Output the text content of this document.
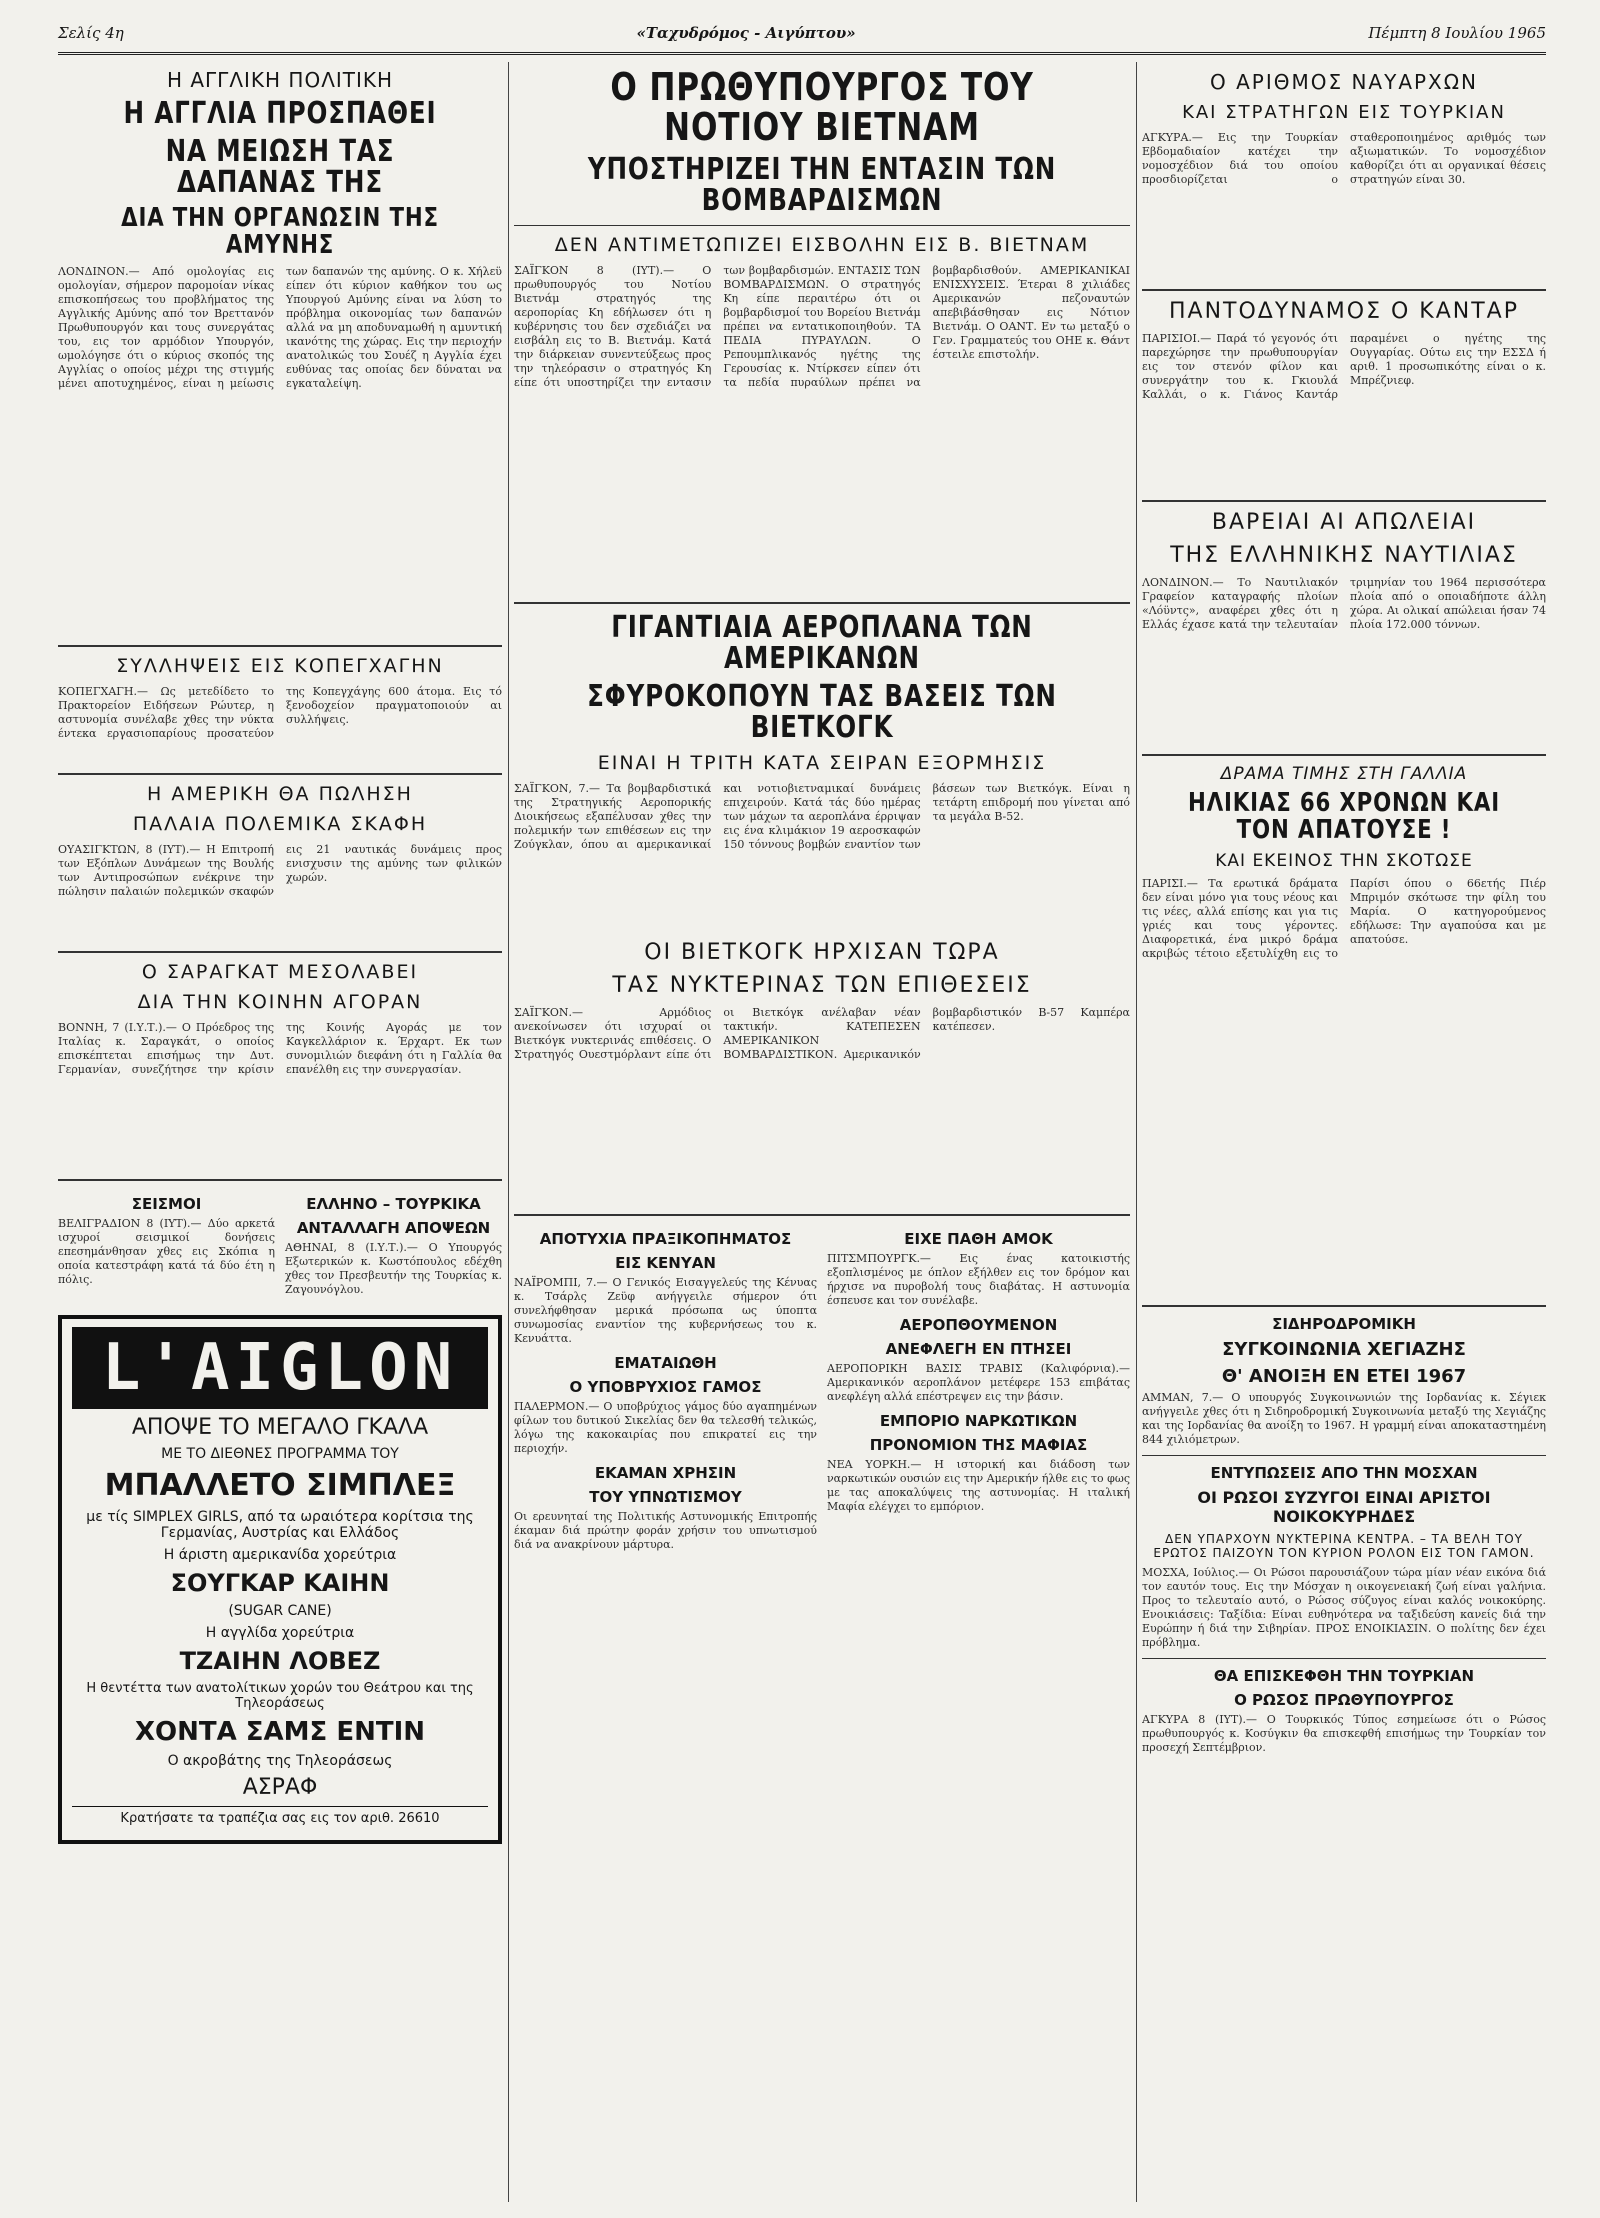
Σελίς 4η	«Ταχυδρόμος - Αιγύπτου»	Πέμπτη 8 Ιουλίου 1965
Η ΑΓΓΛΙΚΗ ΠΟΛΙΤΙΚΗ
Η ΑΓΓΛΙΑ ΠΡΟΣΠΑΘΕΙ
ΝΑ ΜΕΙΩΣΗ ΤΑΣ ΔΑΠΑΝΑΣ ΤΗΣ
ΔΙΑ ΤΗΝ ΟΡΓΑΝΩΣΙΝ ΤΗΣ ΑΜΥΝΗΣ
ΛΟΝΔΙΝΟΝ.— Από ομολογίας εις ομολογίαν, σήμερον παρομοίαν νίκας επισκοπήσεως του προβλήματος της Αγγλικής Αμύνης από τον Βρεττανόν Πρωθυπουργόν και τους συνεργάτας του, εις τον αρμόδιον Υπουργόν, ωμολόγησε ότι ο κύριος σκοπός της Αγγλίας ο οποίος μέχρι της στιγμής μένει αποτυχημένος, είναι η μείωσις των δαπανών της αμύνης. Ο κ. Χήλεϋ είπεν ότι κύριον καθήκον του ως Υπουργού Αμύνης είναι να λύση το πρόβλημα οικονομίας των δαπανών αλλά να μη αποδυναμωθή η αμυντική ικανότης της χώρας. Εις την περιοχήν ανατολικώς του Σουέζ η Αγγλία έχει ευθύνας τας οποίας δεν δύναται να εγκαταλείψη.
ΣΥΛΛΗΨΕΙΣ ΕΙΣ ΚΟΠΕΓΧΑΓΗΝ
ΚΟΠΕΓΧΑΓΗ.— Ως μετεδίδετο το Πρακτορείον Ειδήσεων Ρώυτερ, η αστυνομία συνέλαβε χθες την νύκτα έντεκα εργασιοπαρίους προσατεύον της Κοπεγχάγης 600 άτομα. Εις τό ξενοδοχείον πραγματοποιούν αι συλλήψεις.
Η ΑΜΕΡΙΚΗ ΘΑ ΠΩΛΗΣΗ
ΠΑΛΑΙΑ ΠΟΛΕΜΙΚΑ ΣΚΑΦΗ
ΟΥΑΣΙΓΚΤΩΝ, 8 (ΙΥΤ).— Η Επιτροπή των Εξόπλων Δυνάμεων της Βουλής των Αντιπροσώπων ενέκρινε την πώλησιν παλαιών πολεμικών σκαφών εις 21 ναυτικάς δυνάμεις προς ενισχυσιν της αμύνης των φιλικών χωρών.
Ο ΣΑΡΑΓΚΑΤ ΜΕΣΟΛΑΒΕΙ
ΔΙΑ ΤΗΝ ΚΟΙΝΗΝ ΑΓΟΡΑΝ
ΒΟΝΝΗ, 7 (Ι.Υ.Τ.).— Ο Πρόεδρος της Ιταλίας κ. Σαραγκάτ, ο οποίος επισκέπτεται επισήμως την Δυτ. Γερμανίαν, συνεζήτησε την κρίσιν της Κοινής Αγοράς με τον Καγκελλάριον κ. Έρχαρτ. Εκ των συνομιλιών διεφάνη ότι η Γαλλία θα επανέλθη εις την συνεργασίαν.
ΣΕΙΣΜΟΙ
ΒΕΛΙΓΡΑΔΙΟΝ 8 (ΙΥΤ).— Δύο αρκετά ισχυροί σεισμικοί δονήσεις επεσημάνθησαν χθες εις Σκόπια η οποία κατεστράφη κατά τά δύο έτη η πόλις.
ΕΛΛΗΝΟ – ΤΟΥΡΚΙΚΑ
ΑΝΤΑΛΛΑΓΗ ΑΠΟΨΕΩΝ
ΑΘΗΝΑΙ, 8 (Ι.Υ.Τ.).— Ο Υπουργός Εξωτερικών κ. Κωστόπουλος εδέχθη χθες τον Πρεσβευτήν της Τουρκίας κ. Ζαγουνόγλου.
L'AIGLON
ΑΠΟΨΕ ΤΟ ΜΕΓΑΛΟ ΓΚΑΛΑ
ΜΕ ΤΟ ΔΙΕΘΝΕΣ ΠΡΟΓΡΑΜΜΑ ΤΟΥ
ΜΠΑΛΛΕΤΟ ΣΙΜΠΛΕΞ
με τίς SIMPLEX GIRLS, από τα ωραιότερα κορίτσια της Γερμανίας, Αυστρίας και Ελλάδος
Η άριστη αμερικανίδα χορεύτρια
ΣΟΥΓΚΑΡ ΚΑΙΗΝ
(SUGAR CANE)
Η αγγλίδα χορεύτρια
ΤΖΑΙΗΝ ΛΟΒΕΖ
Η θεντέττα των ανατολίτικων χορών του Θεάτρου και της Τηλεοράσεως
ΧΟΝΤΑ ΣΑΜΣ ΕΝΤΙΝ
Ο ακροβάτης της Τηλεοράσεως
ΑΣΡΑΦ
Κρατήσατε τα τραπέζια σας εις τον αριθ. 26610
Ο ΠΡΩΘΥΠΟΥΡΓΟΣ ΤΟΥ ΝΟΤΙΟΥ ΒΙΕΤΝΑΜ
ΥΠΟΣΤΗΡΙΖΕΙ ΤΗΝ ΕΝΤΑΣΙΝ ΤΩΝ ΒΟΜΒΑΡΔΙΣΜΩΝ
ΔΕΝ ΑΝΤΙΜΕΤΩΠΙΖΕΙ ΕΙΣΒΟΛΗΝ ΕΙΣ Β. ΒΙΕΤΝΑΜ
ΣΑΪΓΚΟΝ 8 (ΙΥΤ).— Ο πρωθυπουργός του Νοτίου Βιετνάμ στρατηγός της αεροπορίας Κη εδήλωσεν ότι η κυβέρνησις του δεν σχεδιάζει να εισβάλη εις το Β. Βιετνάμ. Κατά την διάρκειαν συνεντεύξεως προς την τηλεόρασιν ο στρατηγός Κη είπε ότι υποστηρίζει την εντασιν των βομβαρδισμών. ΕΝΤΑΣΙΣ ΤΩΝ ΒΟΜΒΑΡΔΙΣΜΩΝ. Ο στρατηγός Κη είπε περαιτέρω ότι οι βομβαρδισμοί του Βορείου Βιετνάμ πρέπει να εντατικοποιηθούν. ΤΑ ΠΕΔΙΑ ΠΥΡΑΥΛΩΝ. Ο Ρεπουμπλικανός ηγέτης της Γερουσίας κ. Ντίρκσεν είπεν ότι τα πεδία πυραύλων πρέπει να βομβαρδισθούν. ΑΜΕΡΙΚΑΝΙΚΑΙ ΕΝΙΣΧΥΣΕΙΣ. Έτεραι 8 χιλιάδες Αμερικανών πεζοναυτών απεβιβάσθησαν εις Νότιον Βιετνάμ. Ο ΟΑΝΤ. Εν τω μεταξύ ο Γεν. Γραμματεύς του ΟΗΕ κ. Θάντ έστειλε επιστολήν.
ΓΙΓΑΝΤΙΑΙΑ ΑΕΡΟΠΛΑΝΑ ΤΩΝ ΑΜΕΡΙΚΑΝΩΝ
ΣΦΥΡΟΚΟΠΟΥΝ ΤΑΣ ΒΑΣΕΙΣ ΤΩΝ ΒΙΕΤΚΟΓΚ
ΕΙΝΑΙ Η ΤΡΙΤΗ ΚΑΤΑ ΣΕΙΡΑΝ ΕΞΟΡΜΗΣΙΣ
ΣΑΪΓΚΟΝ, 7.— Τα βομβαρδιστικά της Στρατηγικής Αεροπορικής Διοικήσεως εξαπέλυσαν χθες την πολεμικήν των επιθέσεων εις την Ζούγκλαν, όπου αι αμερικανικαί και νοτιοβιετναμικαί δυνάμεις επιχειρούν. Κατά τάς δύο ημέρας των μάχων τα αεροπλάνα έρριψαν εις ένα κλιμάκιον 19 αεροσκαφών 150 τόννους βομβών εναντίον των βάσεων των Βιετκόγκ. Είναι η τετάρτη επιδρομή που γίνεται από τα μεγάλα Β-52.
ΟΙ ΒΙΕΤΚΟΓΚ ΗΡΧΙΣΑΝ ΤΩΡΑ
ΤΑΣ ΝΥΚΤΕΡΙΝΑΣ ΤΩΝ ΕΠΙΘΕΣΕΙΣ
ΣΑΪΓΚΟΝ.— Αρμόδιος ανεκοίνωσεν ότι ισχυραί οι Βιετκόγκ νυκτερινάς επιθέσεις. Ο Στρατηγός Ουεστμόρλαντ είπε ότι οι Βιετκόγκ ανέλαβαν νέαν τακτικήν. ΚΑΤΕΠΕΣΕΝ ΑΜΕΡΙΚΑΝΙΚΟΝ ΒΟΜΒΑΡΔΙΣΤΙΚΟΝ. Αμερικανικόν βομβαρδιστικόν Β-57 Καμπέρα κατέπεσεν.
ΑΠΟΤΥΧΙΑ ΠΡΑΞΙΚΟΠΗΜΑΤΟΣ
ΕΙΣ ΚΕΝΥΑΝ
ΝΑΪΡΟΜΠΙ, 7.— Ο Γενικός Εισαγγελεύς της Κένυας κ. Τσάρλς Ζεϋφ ανήγγειλε σήμερον ότι συνελήφθησαν μερικά πρόσωπα ως ύποπτα συνωμοσίας εναντίον της κυβερνήσεως του κ. Κενυάττα.
ΕΜΑΤΑΙΩΘΗ
Ο ΥΠΟΒΡΥΧΙΟΣ ΓΑΜΟΣ
ΠΑΛΕΡΜΟΝ.— Ο υποβρύχιος γάμος δύο αγαπημένων φίλων του δυτικού Σικελίας δεν θα τελεσθή τελικώς, λόγω της κακοκαιρίας που επικρατεί εις την περιοχήν.
ΕΚΑΜΑΝ ΧΡΗΣΙΝ
ΤΟΥ ΥΠΝΩΤΙΣΜΟΥ
Οι ερευνηταί της Πολιτικής Αστυνομικής Επιτροπής έκαμαν διά πρώτην φοράν χρήσιν του υπνωτισμού διά να ανακρίνουν μάρτυρα.
ΕΙΧΕ ΠΑΘΗ ΑΜΟΚ
ΠΙΤΣΜΠΟΥΡΓΚ.— Εις ένας κατοικιστής εξοπλισμένος με όπλον εξήλθεν εις τον δρόμον και ήρχισε να πυροβολή τους διαβάτας. Η αστυνομία έσπευσε και τον συνέλαβε.
ΑΕΡΟΠΘΟΥΜΕΝΟΝ
ΑΝΕΦΛΕΓΗ ΕΝ ΠΤΗΣΕΙ
ΑΕΡΟΠΟΡΙΚΗ ΒΑΣΙΣ ΤΡΑΒΙΣ (Καλιφόρνια).— Αμερικανικόν αεροπλάνον μετέφερε 153 επιβάτας ανεφλέγη αλλά επέστρεψεν εις την βάσιν.
ΕΜΠΟΡΙΟ ΝΑΡΚΩΤΙΚΩΝ
ΠΡΟΝΟΜΙΟΝ ΤΗΣ ΜΑΦΙΑΣ
ΝΕΑ ΥΟΡΚΗ.— Η ιστορική και διάδοση των ναρκωτικών ουσιών εις την Αμερικήν ήλθε εις το φως με τας αποκαλύψεις της αστυνομίας. Η ιταλική Μαφία ελέγχει το εμπόριον.
Ο ΑΡΙΘΜΟΣ ΝΑΥΑΡΧΩΝ
ΚΑΙ ΣΤΡΑΤΗΓΩΝ ΕΙΣ ΤΟΥΡΚΙΑΝ
ΑΓΚΥΡΑ.— Εις την Τουρκίαν Εβδομαδιαίον κατέχει την νομοσχέδιον διά του οποίου προσδιορίζεται ο σταθεροποιημένος αριθμός των αξιωματικών. Το νομοσχέδιον καθορίζει ότι αι οργανικαί θέσεις στρατηγών είναι 30.
ΠΑΝΤΟΔΥΝΑΜΟΣ Ο ΚΑΝΤΑΡ
ΠΑΡΙΣΙΟΙ.— Παρά τό γεγονός ότι παρεχώρησε την πρωθυπουργίαν εις τον στενόν φίλον και συνεργάτην του κ. Γκιουλά Καλλάι, ο κ. Γιάνος Καντάρ παραμένει ο ηγέτης της Ουγγαρίας. Ούτω εις την ΕΣΣΔ ή αριθ. 1 προσωπικότης είναι ο κ. Μπρέζνιεφ.
ΒΑΡΕΙΑΙ ΑΙ ΑΠΩΛΕΙΑΙ
ΤΗΣ ΕΛΛΗΝΙΚΗΣ ΝΑΥΤΙΛΙΑΣ
ΛΟΝΔΙΝΟΝ.— Το Ναυτιλιακόν Γραφείον καταγραφής πλοίων «Λόϋντς», αναφέρει χθες ότι η Ελλάς έχασε κατά την τελευταίαν τριμηνίαν του 1964 περισσότερα πλοία από ο οποιαδήποτε άλλη χώρα. Αι ολικαί απώλειαι ήσαν 74 πλοία 172.000 τόννων.
ΔΡΑΜΑ ΤΙΜΗΣ ΣΤΗ ΓΑΛΛΙΑ
ΗΛΙΚΙΑΣ 66 ΧΡΟΝΩΝ ΚΑΙ ΤΟΝ ΑΠΑΤΟΥΣΕ !
ΚΑΙ ΕΚΕΙΝΟΣ ΤΗΝ ΣΚΟΤΩΣΕ
ΠΑΡΙΣΙ.— Τα ερωτικά δράματα δεν είναι μόνο για τους νέους και τις νέες, αλλά επίσης και για τις γριές και τους γέροντες. Διαφορετικά, ένα μικρό δράμα ακριβώς τέτοιο εξετυλίχθη εις το Παρίσι όπου ο 66ετής Πιέρ Μπριμόν σκότωσε την φίλη του Μαρία. Ο κατηγορούμενος εδήλωσε: Την αγαπούσα και με απατούσε.
ΣΙΔΗΡΟΔΡΟΜΙΚΗ
ΣΥΓΚΟΙΝΩΝΙΑ ΧΕΓΙΑΖΗΣ
Θ' ΑΝΟΙΞΗ ΕΝ ΕΤΕΙ 1967
ΑΜΜΑΝ, 7.— Ο υπουργός Συγκοινωνιών της Ιορδανίας κ. Σέγιεκ ανήγγειλε χθες ότι η Σιδηροδρομική Συγκοινωνία μεταξύ της Χεγιάζης και της Ιορδανίας θα ανοίξη το 1967. Η γραμμή είναι αποκαταστημένη 844 χιλιόμετρων.
ΕΝΤΥΠΩΣΕΙΣ ΑΠΟ ΤΗΝ ΜΟΣΧΑΝ
ΟΙ ΡΩΣΟΙ ΣΥΖΥΓΟΙ ΕΙΝΑΙ ΑΡΙΣΤΟΙ ΝΟΙΚΟΚΥΡΗΔΕΣ
ΔΕΝ ΥΠΑΡΧΟΥΝ ΝΥΚΤΕΡΙΝΑ ΚΕΝΤΡΑ. – ΤΑ ΒΕΛΗ ΤΟΥ ΕΡΩΤΟΣ ΠΑΙΖΟΥΝ ΤΟΝ ΚΥΡΙΟΝ ΡΟΛΟΝ ΕΙΣ ΤΟΝ ΓΑΜΟΝ.
ΜΟΣΧΑ, Ιούλιος.— Οι Ρώσοι παρουσιάζουν τώρα μίαν νέαν εικόνα διά τον εαυτόν τους. Εις την Μόσχαν η οικογενειακή ζωή είναι γαλήνια. Προς το τελευταίο αυτό, ο Ρώσος σύζυγος είναι καλός νοικοκύρης. Ενοικιάσεις: Ταξίδια: Είναι ευθηνότερα να ταξιδεύση κανείς διά την Ευρώπην ή διά την Σιβηρίαν. ΠΡΟΣ ΕΝΟΙΚΙΑΣΙΝ. Ο πολίτης δεν έχει πρόβλημα.
ΘΑ ΕΠΙΣΚΕΦΘΗ ΤΗΝ ΤΟΥΡΚΙΑΝ
Ο ΡΩΣΟΣ ΠΡΩΘΥΠΟΥΡΓΟΣ
ΑΓΚΥΡΑ 8 (ΙΥΤ).— Ο Τουρκικός Τύπος εσημείωσε ότι ο Ρώσος πρωθυπουργός κ. Κοσύγκιν θα επισκεφθή επισήμως την Τουρκίαν τον προσεχή Σεπτέμβριον.
